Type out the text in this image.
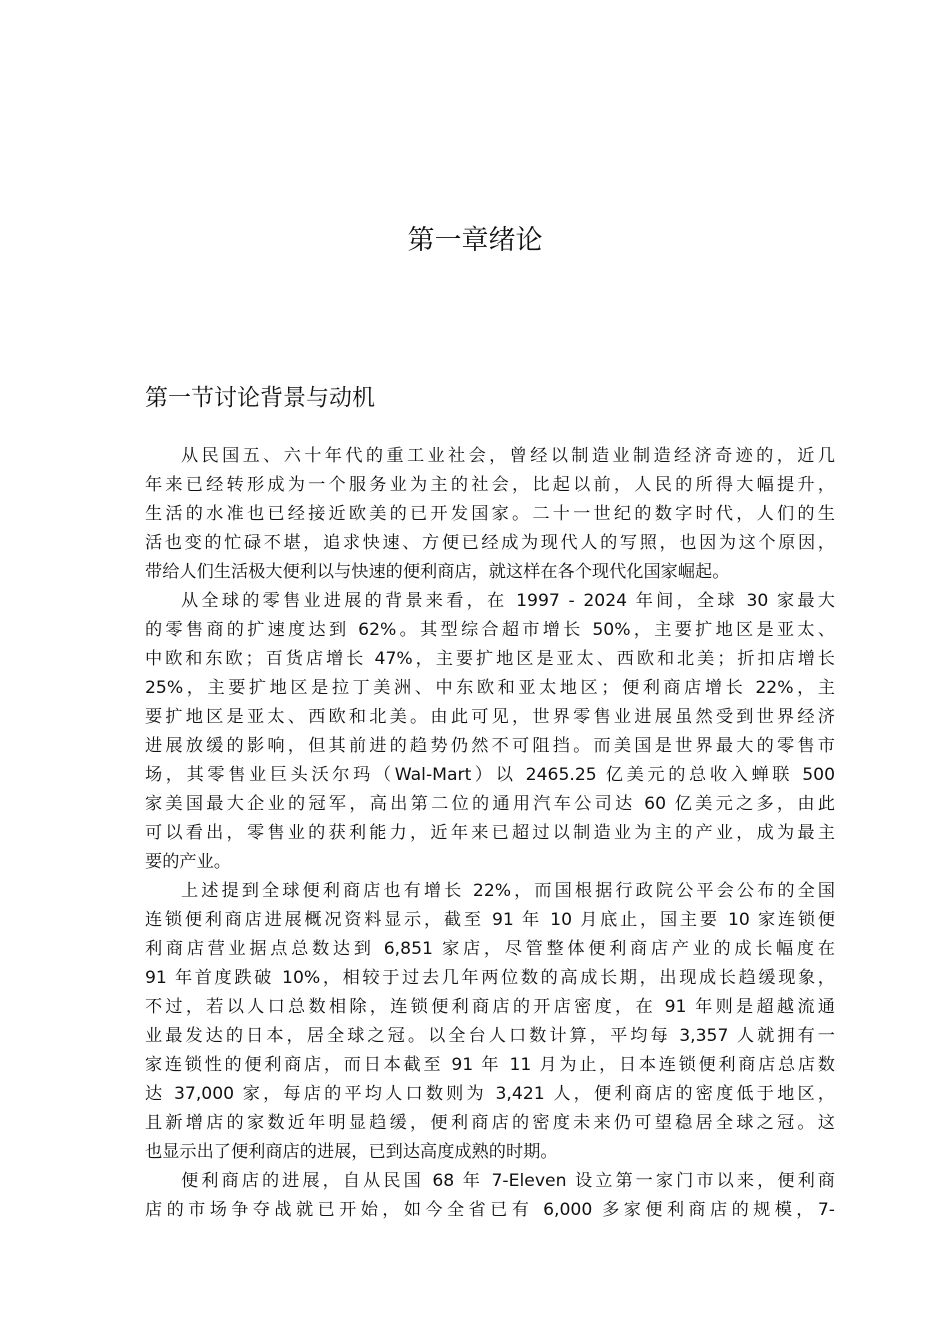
第一章绪论
第一节讨论背景与动机
从民国五、六十年代的重工业社会，曾经以制造业制造经济奇迹的，近几
年来已经转形成为一个服务业为主的社会，比起以前，人民的所得大幅提升，
生活的水准也已经接近欧美的已开发国家。二十一世纪的数字时代，人们的生
活也变的忙碌不堪，追求快速、方便已经成为现代人的写照，也因为这个原因，
带给人们生活极大便利以与快速的便利商店，就这样在各个现代化国家崛起。
从全球的零售业进展的背景来看，在 1997 - 2024 年间，全球 30 家最大
的零售商的扩速度达到 62%。其型综合超市增长 50%，主要扩地区是亚太、
中欧和东欧；百货店增长 47%，主要扩地区是亚太、西欧和北美；折扣店增长
25%，主要扩地区是拉丁美洲、中东欧和亚太地区；便利商店增长 22%，主
要扩地区是亚太、西欧和北美。由此可见，世界零售业进展虽然受到世界经济
进展放缓的影响，但其前进的趋势仍然不可阻挡。而美国是世界最大的零售市
场，其零售业巨头沃尔玛（Wal-Mart）以 2465.25 亿美元的总收入蝉联 500
家美国最大企业的冠军，高出第二位的通用汽车公司达 60 亿美元之多，由此
可以看出，零售业的获利能力，近年来已超过以制造业为主的产业，成为最主
要的产业。
上述提到全球便利商店也有增长 22%，而国根据行政院公平会公布的全国
连锁便利商店进展概况资料显示，截至 91 年 10 月底止，国主要 10 家连锁便
利商店营业据点总数达到 6,851 家店，尽管整体便利商店产业的成长幅度在
91 年首度跌破 10%，相较于过去几年两位数的高成长期，出现成长趋缓现象，
不过，若以人口总数相除，连锁便利商店的开店密度，在 91 年则是超越流通
业最发达的日本，居全球之冠。以全台人口数计算，平均每 3,357 人就拥有一
家连锁性的便利商店，而日本截至 91 年 11 月为止，日本连锁便利商店总店数
达 37,000 家，每店的平均人口数则为 3,421 人，便利商店的密度低于地区，
且新增店的家数近年明显趋缓，便利商店的密度未来仍可望稳居全球之冠。这
也显示出了便利商店的进展，已到达高度成熟的时期。
便利商店的进展，自从民国 68 年 7-Eleven 设立第一家门市以来，便利商
店的市场争夺战就已开始，如今全省已有 6,000 多家便利商店的规模，7-
